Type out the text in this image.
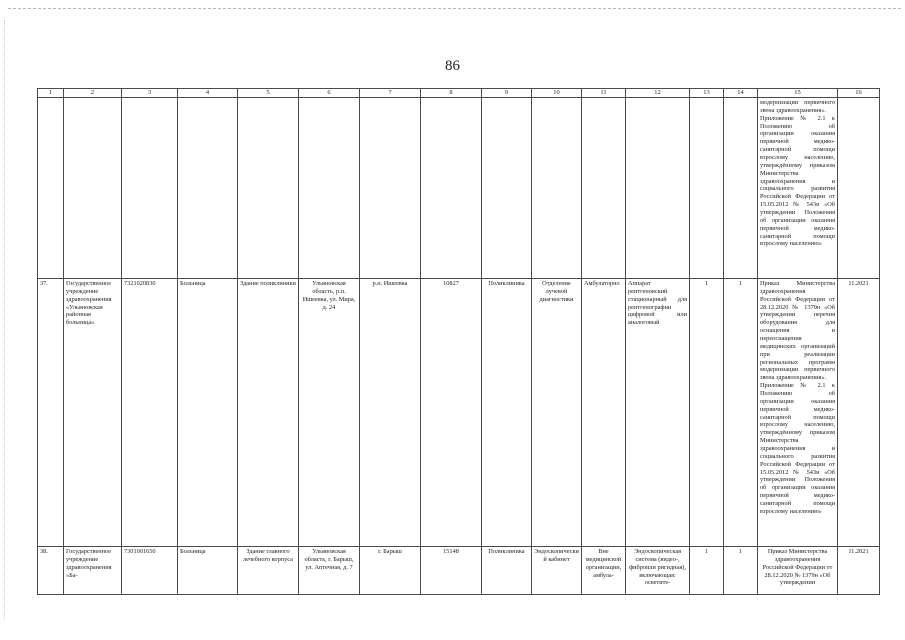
86
1	2	3	4	5	6	7	8	9	10	11	12	13	14	15	16
														модернизации первичного звена здравоохранения».
Приложение № 2.1 к Положению об организации оказания первичной медико-санитарной помощи взрослому населению, утверждённому приказом Министерства здравоохранения и социального развития Российской Федерации от 15.05.2012 № 543н «Об утверждении Положения об организации оказания первичной медико-санитарной помощи взрослому населению»	
37.	Государственное учреждение здравоохранения «Ульяновская районная больница»	7321020830	Больница	Здание поликлиники	Ульяновская область, р.п. Ишеевка, ул. Мира, д. 24	р.п. Ишеевка	10827	Поликлиника	Отделение лучевой диагностики	Амбулаторно	Аппарат рентгеновский стационарный для рентгенографии цифровой или аналоговый	1	1	Приказ Министерства здравоохранения Российской Федерации от 28.12.2020 № 1379н «Об утверждении перечня оборудования для оснащения и переоснащения медицинских организаций при реализации региональных программ модернизации первичного звена здравоохранения».
Приложение № 2.1 к Положению об организации оказания первичной медико-санитарной помощи взрослому населению, утверждённому приказом Министерства здравоохранения и социального развития Российской Федерации от 15.05.2012 № 543н «Об утверждении Положения об организации оказания первичной медико-санитарной помощи взрослому населению»	11.2021
38.	Государственное учреждение здравоохранения «Ба-	7301001650	Больница	Здание главного лечебного корпуса	Ульяновская область, г. Барыш, ул. Аптечная, д. 7	г. Барыш	15148	Поликлиника	Эндоскопический кабинет	Вне медицинской организации, амбула-	Эндоскопическая система (видео-, фиброили ригидная), включающая: осветите-	1	1	Приказ Министерства здравоохранения Российской Федерации от 28.12.2020 № 1379н «Об утверждении	11.2021
